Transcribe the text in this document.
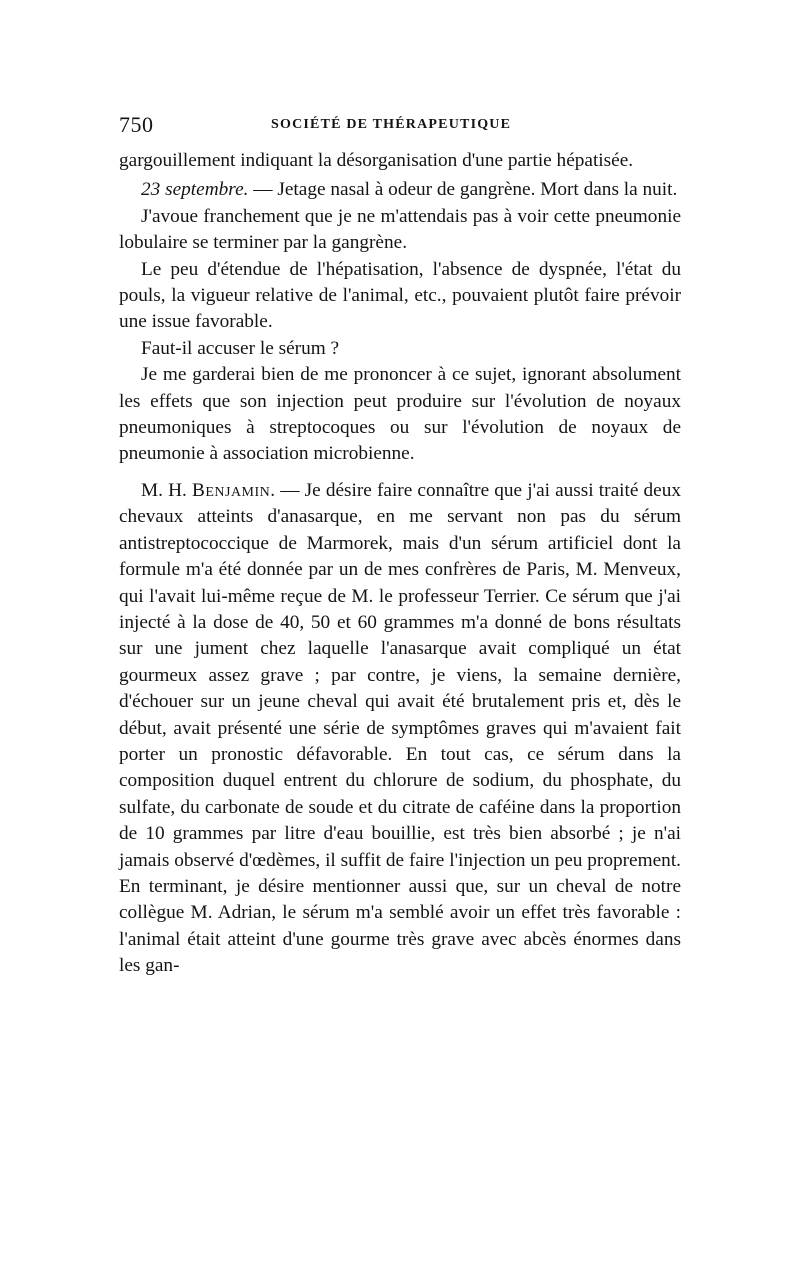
750	SOCIÉTÉ DE THÉRAPEUTIQUE

gargouillement indiquant la désorganisation d'une partie hépatisée.

23 septembre. — Jetage nasal à odeur de gangrène. Mort dans la nuit.

J'avoue franchement que je ne m'attendais pas à voir cette pneumonie lobulaire se terminer par la gangrène.

Le peu d'étendue de l'hépatisation, l'absence de dyspnée, l'état du pouls, la vigueur relative de l'animal, etc., pouvaient plutôt faire prévoir une issue favorable.

Faut-il accuser le sérum ?

Je me garderai bien de me prononcer à ce sujet, ignorant absolument les effets que son injection peut produire sur l'évolution de noyaux pneumoniques à streptocoques ou sur l'évolution de noyaux de pneumonie à association microbienne.

M. H. Benjamin. — Je désire faire connaître que j'ai aussi traité deux chevaux atteints d'anasarque, en me servant non pas du sérum antistreptococcique de Marmorek, mais d'un sérum artificiel dont la formule m'a été donnée par un de mes confrères de Paris, M. Menveux, qui l'avait lui-même reçue de M. le professeur Terrier. Ce sérum que j'ai injecté à la dose de 40, 50 et 60 grammes m'a donné de bons résultats sur une jument chez laquelle l'anasarque avait compliqué un état gourmeux assez grave ; par contre, je viens, la semaine dernière, d'échouer sur un jeune cheval qui avait été brutalement pris et, dès le début, avait présenté une série de symptômes graves qui m'avaient fait porter un pronostic défavorable. En tout cas, ce sérum dans la composition duquel entrent du chlorure de sodium, du phosphate, du sulfate, du carbonate de soude et du citrate de caféine dans la proportion de 10 grammes par litre d'eau bouillie, est très bien absorbé ; je n'ai jamais observé d'œdèmes, il suffit de faire l'injection un peu proprement. En terminant, je désire mentionner aussi que, sur un cheval de notre collègue M. Adrian, le sérum m'a semblé avoir un effet très favorable : l'animal était atteint d'une gourme très grave avec abcès énormes dans les gan-
